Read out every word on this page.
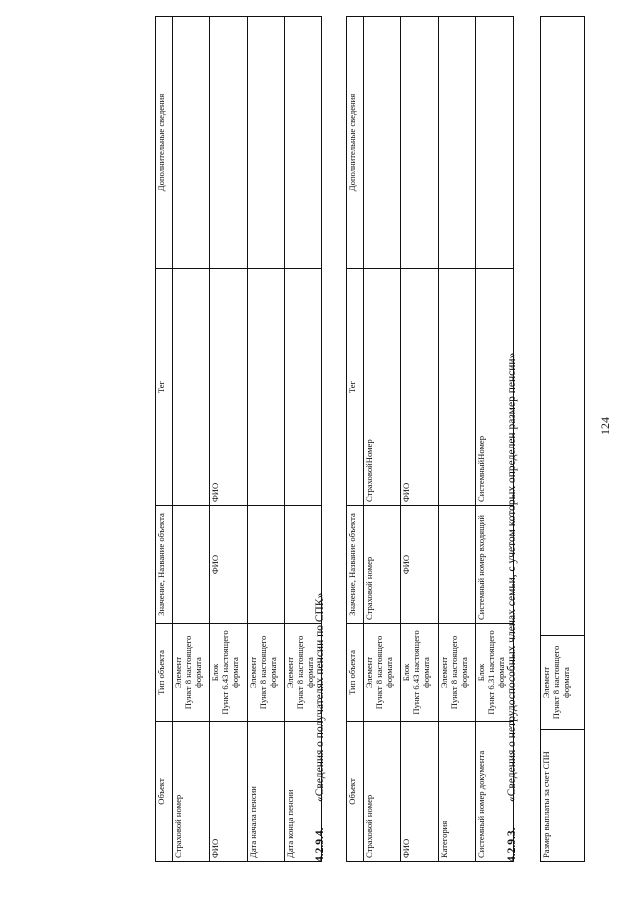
Размер выплаты за счет СПН	
Элемент Пункт 8 настоящего формата

124
4.2.9.3.
«Сведения о нетрудоспособных членах семьи, с учетом которых определен размер пенсии»
Объект	Тип объекта	Значение, Название объекта	Тег	Дополнительные сведения
Страховой номер	Элемент Пункт 8 настоящего формата	Страховой номер	СтраховойНомер	
ФИО	Блок Пункт 6.43 настоящего формата	ФИО	ФИО	
Категория	Элемент Пункт 8 настоящего формата			

Системный номер документа	Блок Пункт 6.31 настоящего формата	Системный номер входящий	СистемныйНомер	
4.2.9.4.
«Сведения о получателях пенсии по СПК»
Объект	Тип объекта	Значение, Название объекта	Тег	Дополнительные сведения
Страховой номер	Элемент Пункт 8 настоящего формата			

ФИО	Блок Пункт 6.43 настоящего формата	ФИО	ФИО	
Дата начала пенсии	Элемент Пункт 8 настоящего формата			

Дата конца пенсии	Элемент Пункт 8 настоящего формата			
